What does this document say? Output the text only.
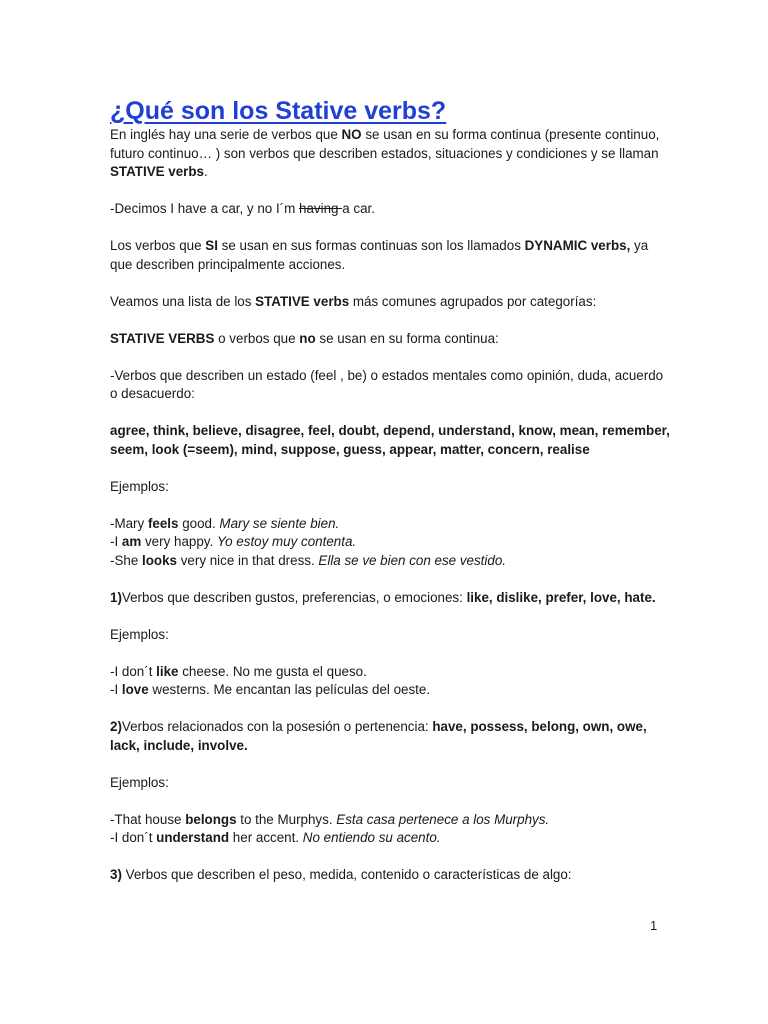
¿Qué son los Stative verbs?

En inglés hay una serie de verbos que NO se usan en su forma continua (presente continuo, futuro continuo… ) son verbos que describen estados, situaciones y condiciones y se llaman STATIVE verbs.

-Decimos I have a car, y no I´m having a car.

Los verbos que SI se usan en sus formas continuas son los llamados DYNAMIC verbs, ya que describen principalmente acciones.

Veamos una lista de los STATIVE verbs más comunes agrupados por categorías:

STATIVE VERBS o verbos que no se usan en su forma continua:

-Verbos que describen un estado (feel , be) o estados mentales como opinión, duda, acuerdo o desacuerdo:

agree, think, believe, disagree, feel, doubt, depend, understand, know, mean, remember, seem, look (=seem), mind, suppose, guess, appear, matter, concern, realise

Ejemplos:

-Mary feels good. Mary se siente bien.

-I am very happy. Yo estoy muy contenta.

-She looks very nice in that dress. Ella se ve bien con ese vestido.

1)Verbos que describen gustos, preferencias, o emociones: like, dislike, prefer, love, hate.

Ejemplos:

-I don´t like cheese. No me gusta el queso.

-I love westerns. Me encantan las películas del oeste.

2)Verbos relacionados con la posesión o pertenencia: have, possess, belong, own, owe, lack, include, involve.

Ejemplos:

-That house belongs to the Murphys. Esta casa pertenece a los Murphys.

-I don´t understand her accent. No entiendo su acento.

3) Verbos que describen el peso, medida, contenido o características de algo:

1
